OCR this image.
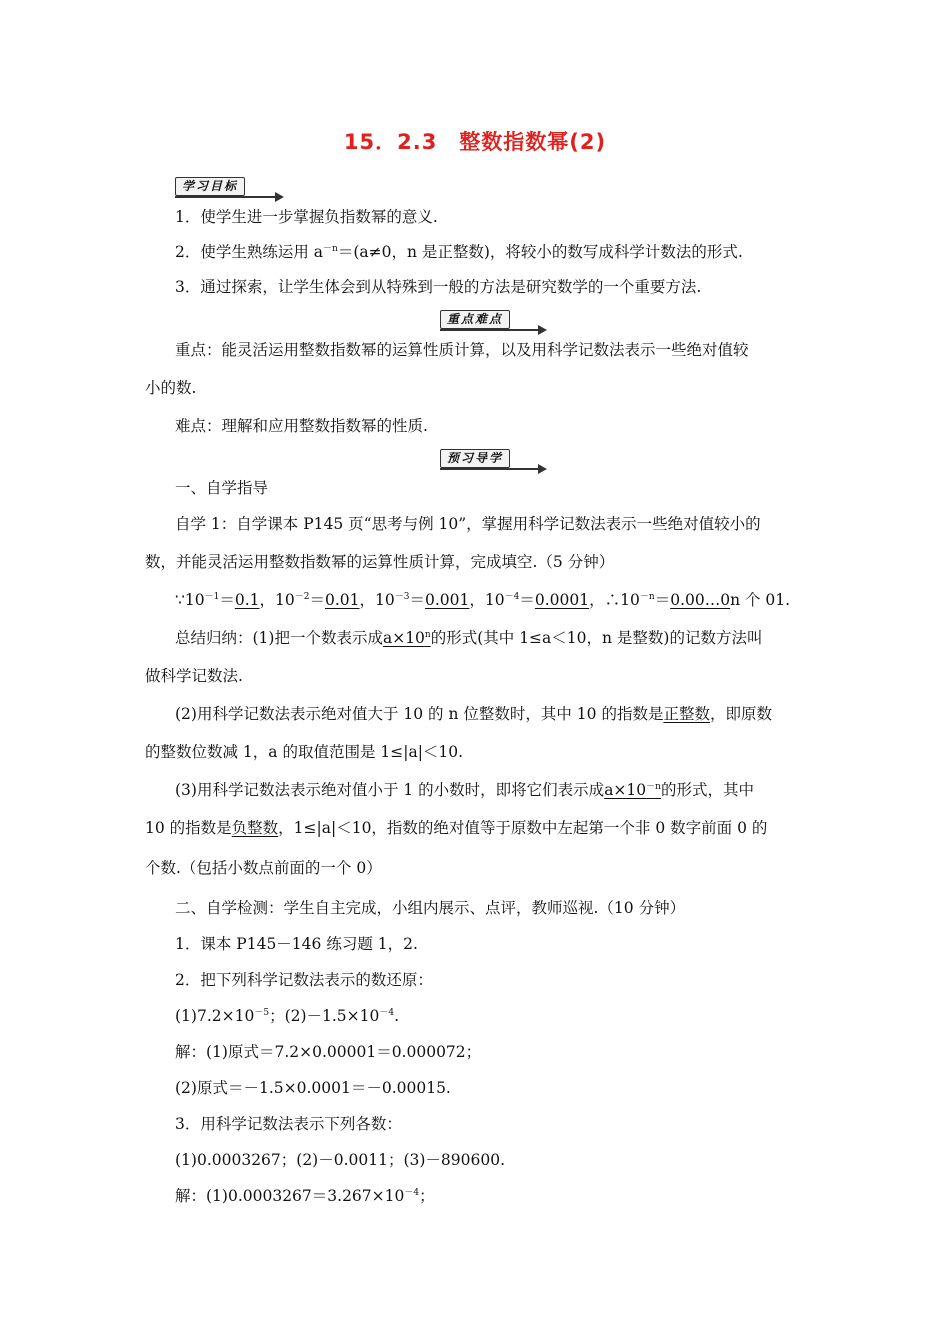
15．2.3　整数指数幂(2)
学习目标
1．使学生进一步掌握负指数幂的意义.
2．使学生熟练运用 $a^{-n}=(a\ne 0$，n 是正整数)，将较小的数写成科学计数法的形式.
3．通过探索，让学生体会到从特殊到一般的方法是研究数学的一个重要方法.
重点难点
重点：能灵活运用整数指数幂的运算性质计算，以及用科学记数法表示一些绝对值较
小的数.
难点：理解和应用整数指数幂的性质.
预习导学
一、自学指导
自学 1：自学课本 P145 页“思考与例 10”，掌握用科学记数法表示一些绝对值较小的
数，并能灵活运用整数指数幂的运算性质计算，完成填空.（5 分钟）
$\because 10^{-1}=0.1$，$10^{-2}=0.01$，$10^{-3}=0.001$，$10^{-4}=0.0001$，$\therefore 10^{-n}=0.00\dots 0n$ 个 01.
总结归纳：(1)把一个数表示成$a\times 10^n$的形式(其中 1≤a＜10，n 是整数)的记数方法叫
做科学记数法.
(2)用科学记数法表示绝对值大于 10 的 n 位整数时，其中 10 的指数是正整数，即原数
的整数位数减 1，a 的取值范围是 1≤|a|＜10.
(3)用科学记数法表示绝对值小于 1 的小数时，即将它们表示成$a\times 10^{-n}$的形式，其中
10 的指数是负整数，1≤|a|＜10，指数的绝对值等于原数中左起第一个非 0 数字前面 0 的
个数.（包括小数点前面的一个 0）
二、自学检测：学生自主完成，小组内展示、点评，教师巡视.（10 分钟）
1．课本 P145－146 练习题 1，2.
2．把下列科学记数法表示的数还原：
$(1)7.2\times 10^{-5}$；$(2)-1.5\times 10^{-4}$.
解：(1)原式＝7.2×0.00001＝0.000072；
(2)原式＝－1.5×0.0001＝－0.00015.
3．用科学记数法表示下列各数：
(1)0.0003267；(2)－0.0011；(3)－890600.
解：$(1)0.0003267=3.267\times 10^{-4}$；
